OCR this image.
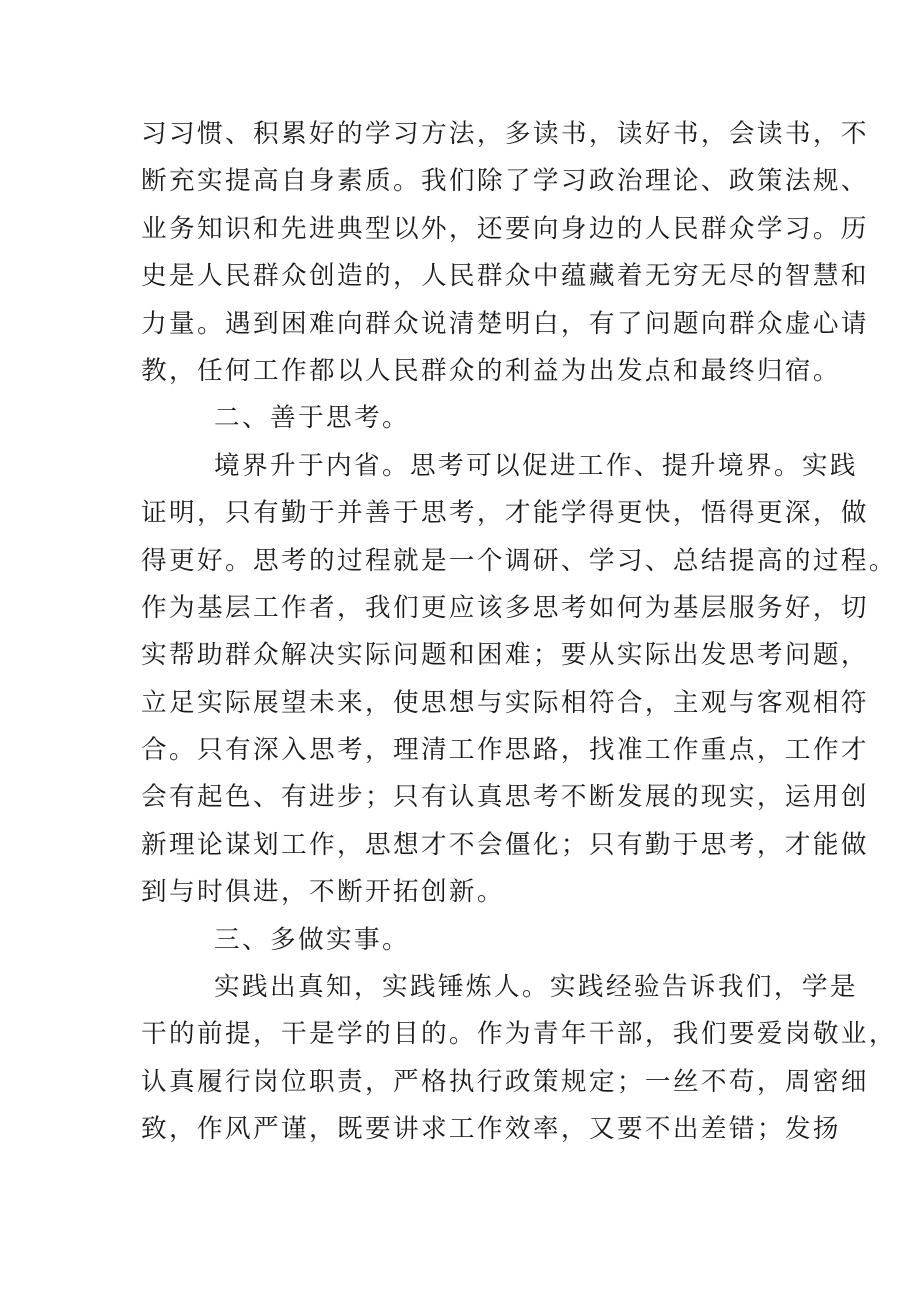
习习惯、积累好的学习方法，多读书，读好书，会读书，不
断充实提高自身素质。我们除了学习政治理论、政策法规、
业务知识和先进典型以外，还要向身边的人民群众学习。历
史是人民群众创造的，人民群众中蕴藏着无穷无尽的智慧和
力量。遇到困难向群众说清楚明白，有了问题向群众虚心请
教，任何工作都以人民群众的利益为出发点和最终归宿。
二、善于思考。
境界升于内省。思考可以促进工作、提升境界。实践
证明，只有勤于并善于思考，才能学得更快，悟得更深，做
得更好。思考的过程就是一个调研、学习、总结提高的过程。
作为基层工作者，我们更应该多思考如何为基层服务好，切
实帮助群众解决实际问题和困难；要从实际出发思考问题，
立足实际展望未来，使思想与实际相符合，主观与客观相符
合。只有深入思考，理清工作思路，找准工作重点，工作才
会有起色、有进步；只有认真思考不断发展的现实，运用创
新理论谋划工作，思想才不会僵化；只有勤于思考，才能做
到与时俱进，不断开拓创新。
三、多做实事。
实践出真知，实践锤炼人。实践经验告诉我们，学是
干的前提，干是学的目的。作为青年干部，我们要爱岗敬业，
认真履行岗位职责，严格执行政策规定；一丝不苟，周密细
致，作风严谨，既要讲求工作效率，又要不出差错；发扬
